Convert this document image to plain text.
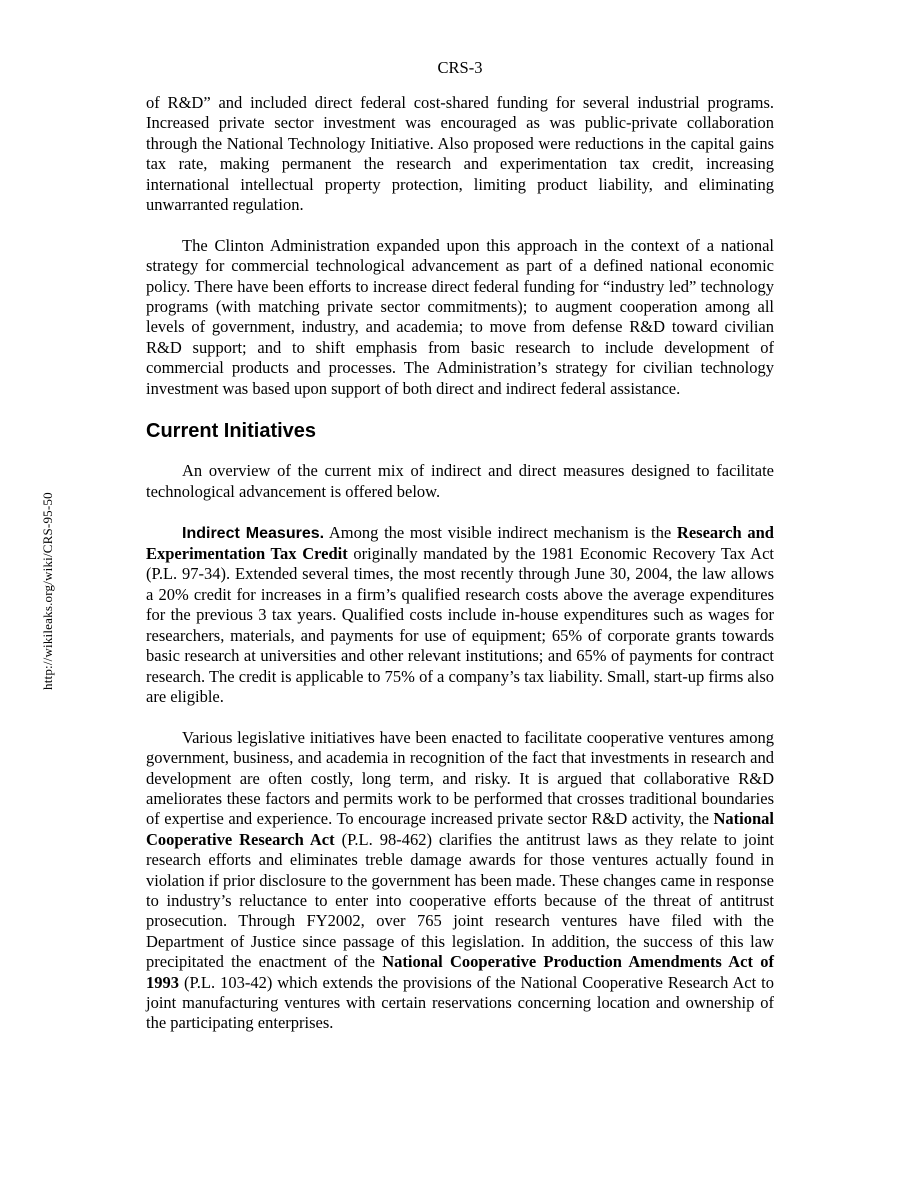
CRS-3
http://wikileaks.org/wiki/CRS-95-50

of R&D” and included direct federal cost-shared funding for several industrial programs. Increased private sector investment was encouraged as was public-private collaboration through the National Technology Initiative. Also proposed were reductions in the capital gains tax rate, making permanent the research and experimentation tax credit, increasing international intellectual property protection, limiting product liability, and eliminating unwarranted regulation.

The Clinton Administration expanded upon this approach in the context of a national strategy for commercial technological advancement as part of a defined national economic policy. There have been efforts to increase direct federal funding for “industry led” technology programs (with matching private sector commitments); to augment cooperation among all levels of government, industry, and academia; to move from defense R&D toward civilian R&D support; and to shift emphasis from basic research to include development of commercial products and processes. The Administration’s strategy for civilian technology investment was based upon support of both direct and indirect federal assistance.

Current Initiatives

An overview of the current mix of indirect and direct measures designed to facilitate technological advancement is offered below.

Indirect Measures. Among the most visible indirect mechanism is the Research and Experimentation Tax Credit originally mandated by the 1981 Economic Recovery Tax Act (P.L. 97-34). Extended several times, the most recently through June 30, 2004, the law allows a 20% credit for increases in a firm’s qualified research costs above the average expenditures for the previous 3 tax years. Qualified costs include in-house expenditures such as wages for researchers, materials, and payments for use of equipment; 65% of corporate grants towards basic research at universities and other relevant institutions; and 65% of payments for contract research. The credit is applicable to 75% of a company’s tax liability. Small, start-up firms also are eligible.

Various legislative initiatives have been enacted to facilitate cooperative ventures among government, business, and academia in recognition of the fact that investments in research and development are often costly, long term, and risky. It is argued that collaborative R&D ameliorates these factors and permits work to be performed that crosses traditional boundaries of expertise and experience. To encourage increased private sector R&D activity, the National Cooperative Research Act (P.L. 98-462) clarifies the antitrust laws as they relate to joint research efforts and eliminates treble damage awards for those ventures actually found in violation if prior disclosure to the government has been made. These changes came in response to industry’s reluctance to enter into cooperative efforts because of the threat of antitrust prosecution. Through FY2002, over 765 joint research ventures have filed with the Department of Justice since passage of this legislation. In addition, the success of this law precipitated the enactment of the National Cooperative Production Amendments Act of 1993 (P.L. 103-42) which extends the provisions of the National Cooperative Research Act to joint manufacturing ventures with certain reservations concerning location and ownership of the participating enterprises.
